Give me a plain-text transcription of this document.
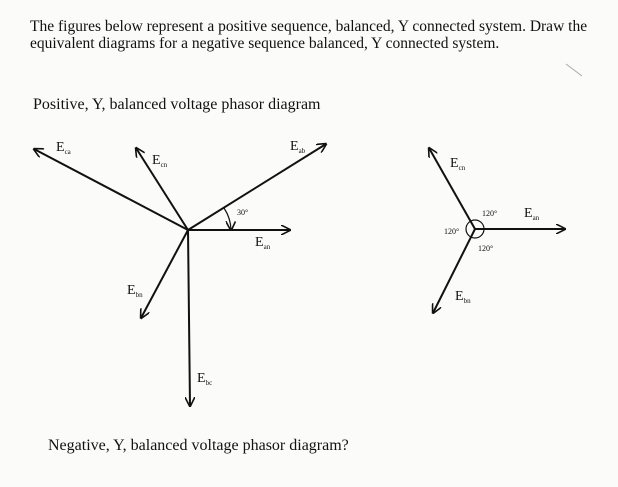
The figures below represent a positive sequence, balanced, Y connected system. Draw the equivalent diagrams for a negative sequence balanced, Y connected system.
Positive, Y, balanced voltage phasor diagram
Negative, Y, balanced voltage phasor diagram?
$E_{ca}$
$E_{cn}$
$E_{ab}$
$E_{an}$
$E_{bn}$
$E_{bc}$
30°
$E_{cn}$
$E_{an}$
$E_{bn}$
120°
120°
120°
